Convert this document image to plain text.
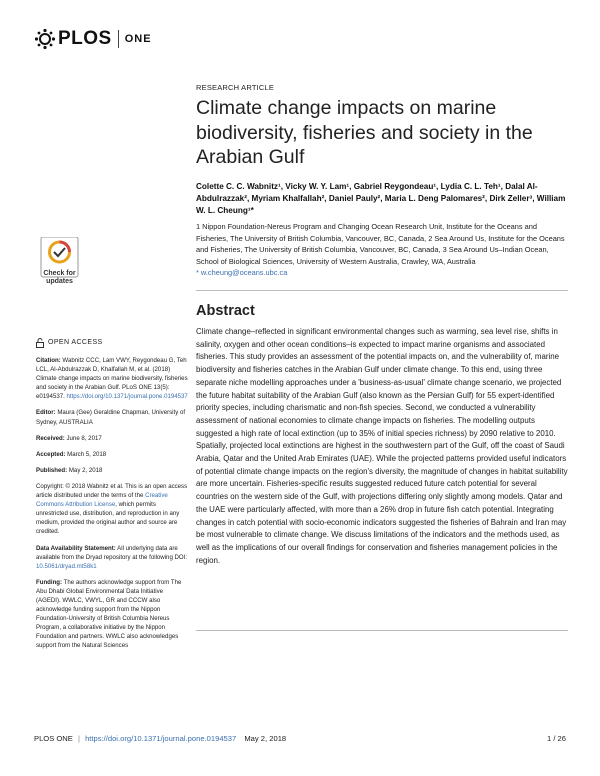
PLOS ONE
RESEARCH ARTICLE
Climate change impacts on marine biodiversity, fisheries and society in the Arabian Gulf
Colette C. C. Wabnitz¹, Vicky W. Y. Lam¹, Gabriel Reygondeau¹, Lydia C. L. Teh¹, Dalal Al-Abdulrazzak², Myriam Khalfallah², Daniel Pauly², Maria L. Deng Palomares², Dirk Zeller³, William W. L. Cheung¹*
1 Nippon Foundation-Nereus Program and Changing Ocean Research Unit, Institute for the Oceans and Fisheries, The University of British Columbia, Vancouver, BC, Canada, 2 Sea Around Us, Institute for the Oceans and Fisheries, The University of British Columbia, Vancouver, BC, Canada, 3 Sea Around Us–Indian Ocean, School of Biological Sciences, University of Western Australia, Crawley, WA, Australia
* w.cheung@oceans.ubc.ca
Check for updates
Abstract
Climate change–reflected in significant environmental changes such as warming, sea level rise, shifts in salinity, oxygen and other ocean conditions–is expected to impact marine organisms and associated fisheries. This study provides an assessment of the potential impacts on, and the vulnerability of, marine biodiversity and fisheries catches in the Arabian Gulf under climate change. To this end, using three separate niche modelling approaches under a 'business-as-usual' climate change scenario, we projected the future habitat suitability of the Arabian Gulf (also known as the Persian Gulf) for 55 expert-identified priority species, including charismatic and non-fish species. Second, we conducted a vulnerability assessment of national economies to climate change impacts on fisheries. The modelling outputs suggested a high rate of local extinction (up to 35% of initial species richness) by 2090 relative to 2010. Spatially, projected local extinctions are highest in the southwestern part of the Gulf, off the coast of Saudi Arabia, Qatar and the United Arab Emirates (UAE). While the projected patterns provided useful indicators of potential climate change impacts on the region's diversity, the magnitude of changes in habitat suitability are more uncertain. Fisheries-specific results suggested reduced future catch potential for several countries on the western side of the Gulf, with projections differing only slightly among models. Qatar and the UAE were particularly affected, with more than a 26% drop in future fish catch potential. Integrating changes in catch potential with socio-economic indicators suggested the fisheries of Bahrain and Iran may be most vulnerable to climate change. We discuss limitations of the indicators and the methods used, as well as the implications of our overall findings for conservation and fisheries management policies in the region.
OPEN ACCESS

Citation: Wabnitz CCC, Lam VWY, Reygondeau G, Teh LCL, Al-Abdulrazzak D, Khalfallah M, et al. (2018) Climate change impacts on marine biodiversity, fisheries and society in the Arabian Gulf. PLoS ONE 13(5): e0194537. https://doi.org/10.1371/journal.pone.0194537

Editor: Maura (Gee) Geraldine Chapman, University of Sydney, AUSTRALIA

Received: June 8, 2017

Accepted: March 5, 2018

Published: May 2, 2018

Copyright: © 2018 Wabnitz et al. This is an open access article distributed under the terms of the Creative Commons Attribution License, which permits unrestricted use, distribution, and reproduction in any medium, provided the original author and source are credited.

Data Availability Statement: All underlying data are available from the Dryad repository at the following DOI: 10.5061/dryad.mt58k1

Funding: The authors acknowledge support from The Abu Dhabi Global Environmental Data Initiative (AGEDI). WWLC, VWYL, GR and CCCW also acknowledge funding support from the Nippon Foundation-University of British Columbia Nereus Program, a collaborative initiative by the Nippon Foundation and partners. WWLC also acknowledges support from the Natural Sciences

PLOS ONE | https://doi.org/10.1371/journal.pone.0194537 May 2, 2018	1 / 26
